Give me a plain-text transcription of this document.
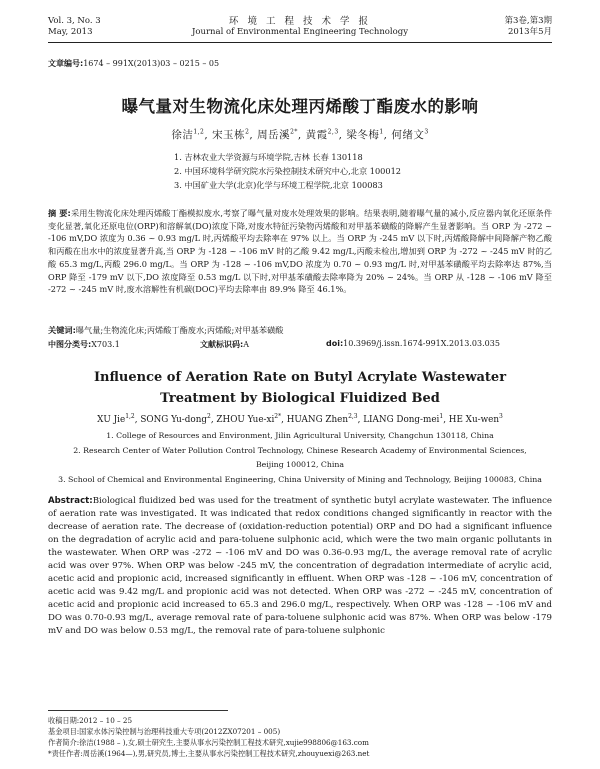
Vol. 3, No. 3
May, 2013
环 境 工 程 技 术 学 报
Journal of Environmental Engineering Technology
第3卷,第3期
2013年5月
文章编号:1674 – 991X(2013)03 – 0215 – 05
曝气量对生物流化床处理丙烯酸丁酯废水的影响
徐洁$^{1,2}$, 宋玉栋$^2$, 周岳溪$^{2*}$, 黄霞$^{2,3}$, 梁冬梅$^1$, 何绪文$^3$
1. 吉林农业大学资源与环境学院,吉林 长春 130118
2. 中国环境科学研究院水污染控制技术研究中心,北京 100012
3. 中国矿业大学(北京)化学与环境工程学院,北京 100083
摘 要:采用生物流化床处理丙烯酸丁酯模拟废水,考察了曝气量对废水处理效果的影响。结果表明,随着曝气量的减小,反应器内氧化还原条件变化显著,氧化还原电位(ORP)和溶解氧(DO)浓度下降,对废水特征污染物丙烯酸和对甲基苯磺酸的降解产生显著影响。当 ORP 为 -272 ~ -106 mV,DO 浓度为 0.36 ~ 0.93 mg/L 时,丙烯酸平均去除率在 97% 以上。当 ORP 为 -245 mV 以下时,丙烯酸降解中间降解产物乙酸和丙酸在出水中的浓度显著升高,当 ORP 为 -128 ~ -106 mV 时的乙酸 9.42 mg/L,丙酸未检出,增加到 ORP 为 -272 ~ -245 mV 时的乙酸 65.3 mg/L,丙酸 296.0 mg/L。当 ORP 为 -128 ~ -106 mV,DO 浓度为 0.70 ~ 0.93 mg/L 时,对甲基苯磺酸平均去除率达 87%,当 ORP 降至 -179 mV 以下,DO 浓度降至 0.53 mg/L 以下时,对甲基苯磺酸去除率降为 20% ~ 24%。当 ORP 从 -128 ~ -106 mV 降至 -272 ~ -245 mV 时,废水溶解性有机碳(DOC)平均去除率由 89.9% 降至 46.1%。
关键词:曝气量;生物流化床;丙烯酸丁酯废水;丙烯酸;对甲基苯磺酸
中图分类号:X703.1	文献标识码:A	doi:10.3969/j.issn.1674-991X.2013.03.035
Influence of Aeration Rate on Butyl Acrylate Wastewater
Treatment by Biological Fluidized Bed
XU Jie$^{1,2}$, SONG Yu-dong$^2$, ZHOU Yue-$xi^{2*}$, HUANG Zhen$^{2,3}$, LIANG Dong-mei$^1$, HE Xu-wen$^3$
1. College of Resources and Environment, Jilin Agricultural University, Changchun 130118, China
2. Research Center of Water Pollution Control Technology, Chinese Research Academy of Environmental Sciences,
Beijing 100012, China
3. School of Chemical and Environmental Engineering, China University of Mining and Technology, Beijing 100083, China
Abstract:Biological fluidized bed was used for the treatment of synthetic butyl acrylate wastewater. The influence of aeration rate was investigated. It was indicated that redox conditions changed significantly in reactor with the decrease of aeration rate. The decrease of (oxidation-reduction potential) ORP and DO had a significant influence on the degradation of acrylic acid and para-toluene sulphonic acid, which were the two main organic pollutants in the wastewater. When ORP was -272 ~ -106 mV and DO was 0.36-0.93 mg/L, the average removal rate of acrylic acid was over 97%. When ORP was below -245 mV, the concentration of degradation intermediate of acrylic acid, acetic acid and propionic acid, increased significantly in effluent. When ORP was -128 ~ -106 mV, concentration of acetic acid was 9.42 mg/L and propionic acid was not detected. When ORP was -272 ~ -245 mV, concentration of acetic acid and propionic acid increased to 65.3 and 296.0 mg/L, respectively. When ORP was -128 ~ -106 mV and DO was 0.70-0.93 mg/L, average removal rate of para-toluene sulphonic acid was 87%. When ORP was below -179 mV and DO was below 0.53 mg/L, the removal rate of para-toluene sulphonic
收稿日期:2012 – 10 – 25
基金项目:国家水体污染控制与治理科技重大专项(2012ZX07201 – 005)
作者简介:徐洁(1988 – ),女,硕士研究生,主要从事水污染控制工程技术研究,xujie998806@163.com
*责任作者:周岳溪(1964—),男,研究员,博士,主要从事水污染控制工程技术研究,zhouyuexi@263.net
